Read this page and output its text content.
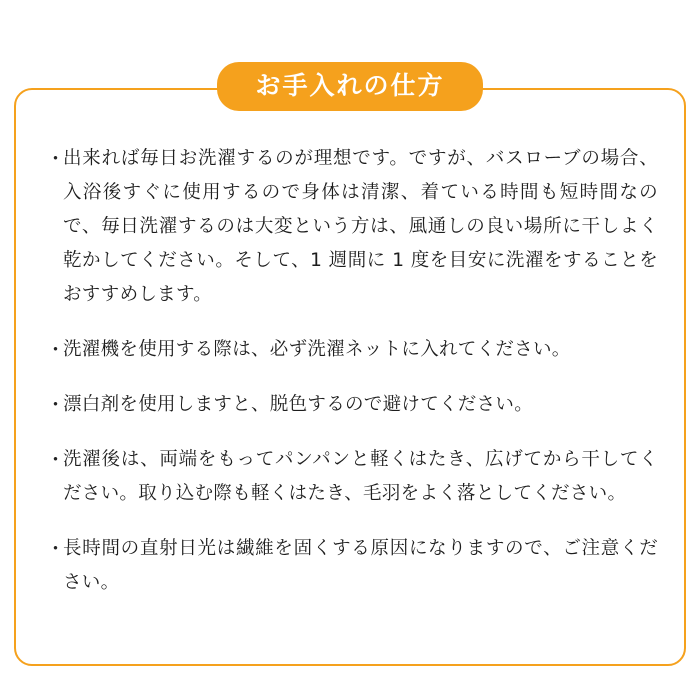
・
出来れば毎日お洗濯するのが理想です。ですが、バスローブの場合、入浴後すぐに使用するので身体は清潔、着ている時間も短時間なので、毎日洗濯するのは大変という方は、風通しの良い場所に干しよく乾かしてください。そして、1 週間に 1 度を目安に洗濯をすることをおすすめします。
・
洗濯機を使用する際は、必ず洗濯ネットに入れてください。
・
漂白剤を使用しますと、脱色するので避けてください。
・
洗濯後は、両端をもってパンパンと軽くはたき、広げてから干してください。取り込む際も軽くはたき、毛羽をよく落としてください。
・
長時間の直射日光は繊維を固くする原因になりますので、ご注意ください。
お手入れの仕方
